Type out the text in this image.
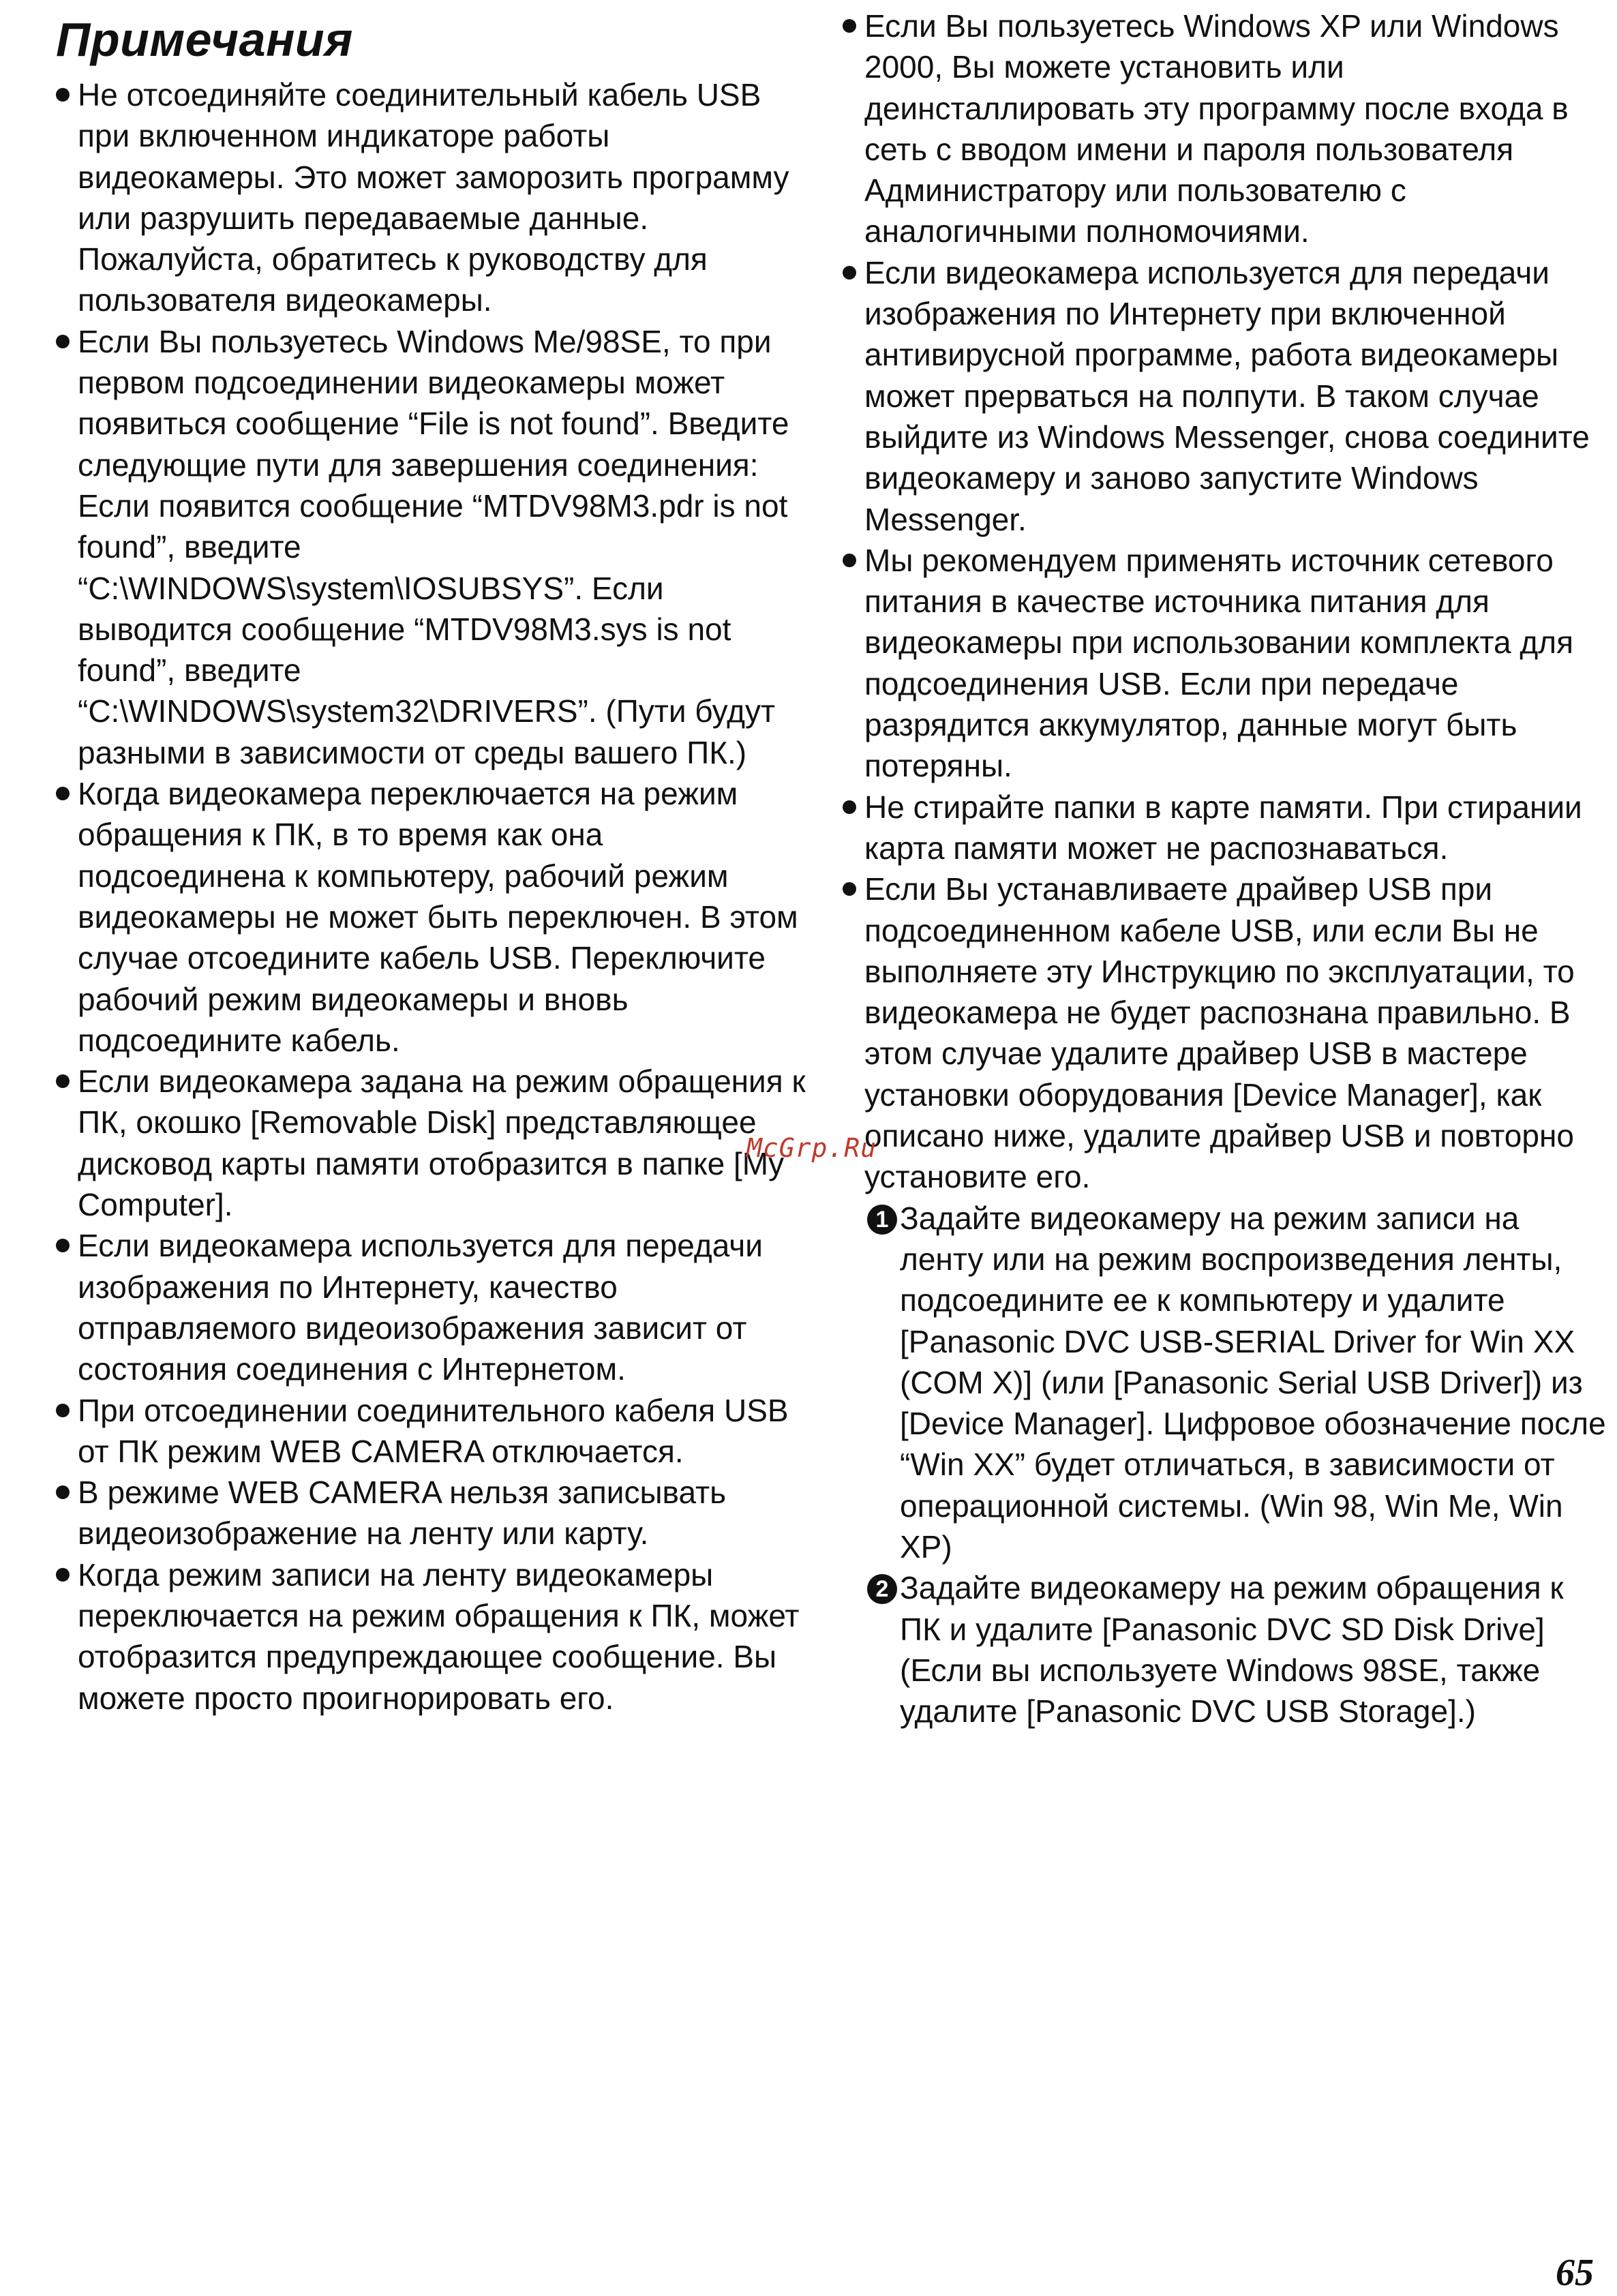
Примечания

Не отсоединяйте соединительный кабель USB при включенном индикаторе работы видеокамеры. Это может заморозить программу или разрушить передаваемые данные. Пожалуйста, обратитесь к руководству для пользователя видеокамеры.

Если Вы пользуетесь Windows Me/98SE, то при первом подсоединении видеокамеры может появиться сообщение “File is not found”. Введите следующие пути для завершения соединения: Если появится сообщение “MTDV98M3.pdr is not found”, введите “C:\WINDOWS\system\IOSUBSYS”. Если выводится сообщение “MTDV98M3.sys is not found”, введите “C:\WINDOWS\system32\DRIVERS”. (Пути будут разными в зависимости от среды вашего ПК.)

Когда видеокамера переключается на режим обращения к ПК, в то время как она подсоединена к компьютеру, рабочий режим видеокамеры не может быть переключен. В этом случае отсоедините кабель USB. Переключите рабочий режим видеокамеры и вновь подсоедините кабель.

Если видеокамера задана на режим обращения к ПК, окошко [Removable Disk] представляющее дисковод карты памяти отобразится в папке [My Computer].

Если видеокамера используется для передачи изображения по Интернету, качество отправляемого видеоизображения зависит от состояния соединения с Интернетом.

При отсоединении соединительного кабеля USB от ПК режим WEB CAMERA отключается.

В режиме WEB CAMERA нельзя записывать видеоизображение на ленту или карту.

Когда режим записи на ленту видеокамеры переключается на режим обращения к ПК, может отобразится предупреждающее сообщение. Вы можете просто проигнорировать его.

Если Вы пользуетесь Windows XP или Windows 2000, Вы можете установить или деинсталлировать эту программу после входа в сеть с вводом имени и пароля пользователя Администратору или пользователю с аналогичными полномочиями.

Если видеокамера используется для передачи изображения по Интернету при включенной антивирусной программе, работа видеокамеры может прерваться на полпути. В таком случае выйдите из Windows Messenger, снова соедините видеокамеру и заново запустите Windows Messenger.

Мы рекомендуем применять источник сетевого питания в качестве источника питания для видеокамеры при использовании комплекта для подсоединения USB. Если при передаче разрядится аккумулятор, данные могут быть потеряны.

Не стирайте папки в карте памяти. При стирании карта памяти может не распознаваться.

Если Вы устанавливаете драйвер USB при подсоединенном кабеле USB, или если Вы не выполняете эту Инструкцию по эксплуатации, то видеокамера не будет распознана правильно. В этом случае удалите драйвер USB в мастере установки оборудования [Device Manager], как описано ниже, удалите драйвер USB и повторно установите его.

1 Задайте видеокамеру на режим записи на ленту или на режим воспроизведения ленты, подсоедините ее к компьютеру и удалите [Panasonic DVC USB-SERIAL Driver for Win XX (COM X)] (или [Panasonic Serial USB Driver]) из [Device Manager]. Цифровое обозначение после “Win XX” будет отличаться, в зависимости от операционной системы. (Win 98, Win Me, Win XP)

2 Задайте видеокамеру на режим обращения к ПК и удалите [Panasonic DVC SD Disk Drive] (Если вы используете Windows 98SE, также удалите [Panasonic DVC USB Storage].)

McGrp.Ru
65
